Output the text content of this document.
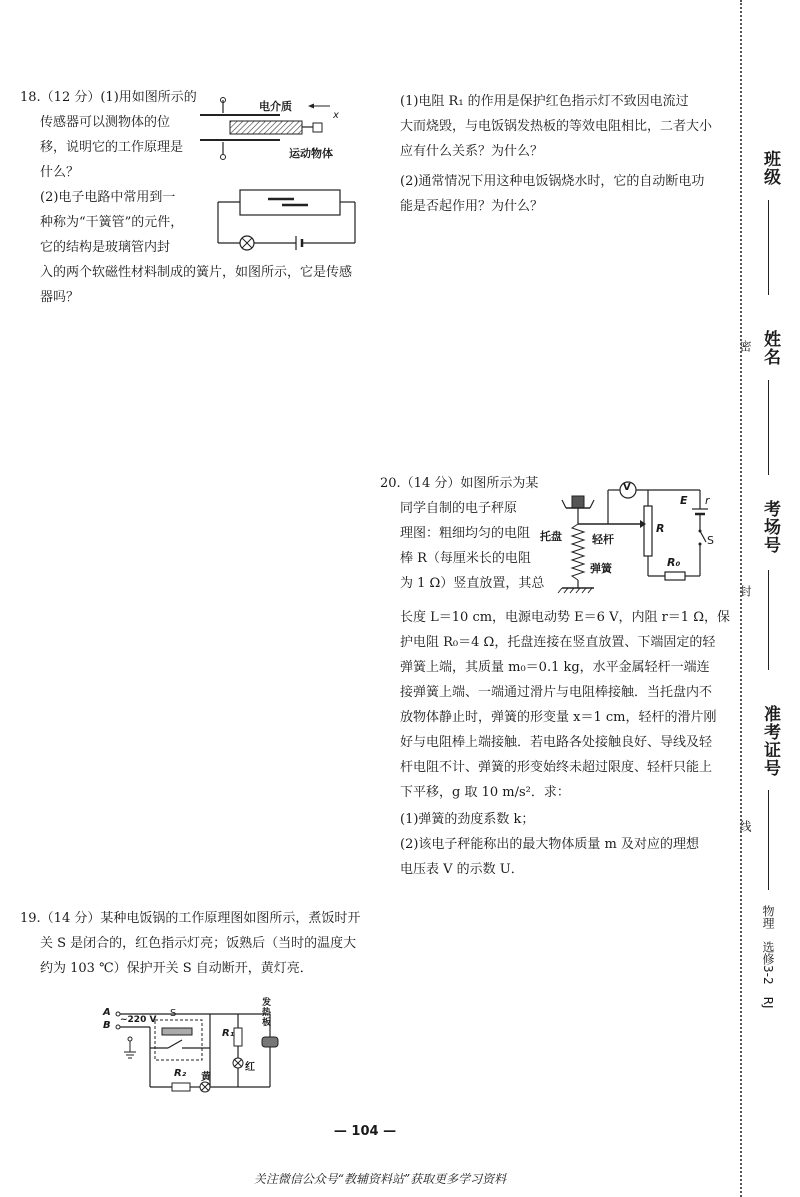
18.（12 分）(1)用如图所示的
传感器可以测物体的位
移，说明它的工作原理是
什么？
(2)电子电路中常用到一
种称为“干簧管”的元件，
它的结构是玻璃管内封
入的两个软磁性材料制成的簧片，如图所示，它是传感
器吗？
电介质
x
运动物体
(1)电阻 R₁ 的作用是保护红色指示灯不致因电流过
大而烧毁，与电饭锅发热板的等效电阻相比，二者大小
应有什么关系？为什么？
(2)通常情况下用这种电饭锅烧水时，它的自动断电功
能是否起作用？为什么？
20.（14 分）如图所示为某
同学自制的电子秤原
理图：粗细均匀的电阻
棒 R（每厘米长的电阻
为 1 Ω）竖直放置，其总
长度 L＝10 cm，电源电动势 E＝6 V，内阻 r＝1 Ω，保
护电阻 R₀＝4 Ω，托盘连接在竖直放置、下端固定的轻
弹簧上端，其质量 m₀＝0.1 kg，水平金属轻杆一端连
接弹簧上端、一端通过滑片与电阻棒接触．当托盘内不
放物体静止时，弹簧的形变量 x＝1 cm，轻杆的滑片刚
好与电阻棒上端接触．若电路各处接触良好、导线及轻
杆电阻不计、弹簧的形变始终未超过限度、轻杆只能上
下平移，g 取 10 m/s²．求：
(1)弹簧的劲度系数 k；
(2)该电子秤能称出的最大物体质量 m 及对应的理想
电压表 V 的示数 U．
V
E r
托盘	轻杆
R
S
弹簧	R₀
19.（14 分）某种电饭锅的工作原理图如图所示，煮饭时开
关 S 是闭合的，红色指示灯亮；饭熟后（当时的温度大
约为 103 ℃）保护开关 S 自动断开，黄灯亮．
A
B ~220 V
S
R₁
R₂ 黄
红
发热板
— 104 —
关注微信公众号“教辅资料站”获取更多学习资料
班级
密 姓名
考场号
封
准考证号
线
物理　选修3-2　RJ
